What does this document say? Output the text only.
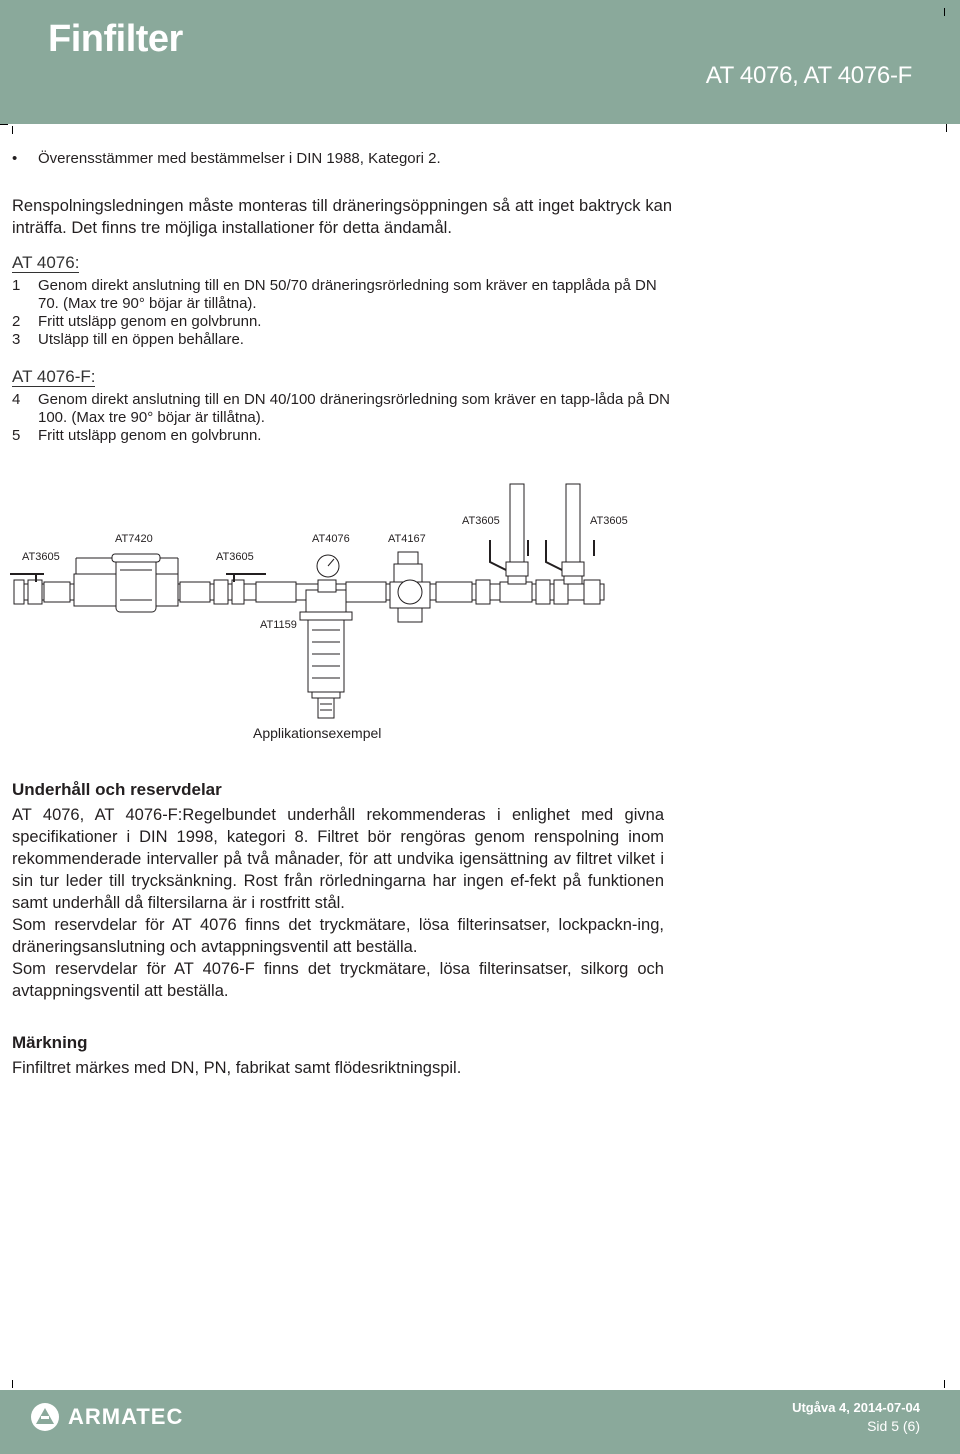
Finfilter
AT 4076, AT 4076-F
•	Överensstämmer med bestämmelser i DIN 1988, Kategori 2.

Renspolningsledningen måste monteras till dräneringsöppningen så att inget baktryck kan inträffa. Det finns tre möjliga installationer för detta ändamål.

AT 4076:
1	Genom direkt anslutning till en DN 50/70 dräneringsrörledning som kräver en tapplåda på DN 70. (Max tre 90° böjar är tillåtna).
2	Fritt utsläpp genom en golvbrunn.
3	Utsläpp till en öppen behållare.
AT 4076-F:
4	Genom direkt anslutning till en DN 40/100 dräneringsrörledning som kräver en tapp-låda på DN 100. (Max tre 90° böjar är tillåtna).
5	Fritt utsläpp genom en golvbrunn.
AT3605
AT7420
AT3605
AT4076	AT4167
AT3605	AT3605
AT1159
Applikationsexempel
Underhåll och reservdelar

AT 4076, AT 4076-F:Regelbundet underhåll rekommenderas i enlighet med givna specifikationer i DIN 1998, kategori 8. Filtret bör rengöras genom renspolning inom rekommenderade intervaller på två månader, för att undvika igensättning av filtret vilket i sin tur leder till trycksänkning. Rost från rörledningarna har ingen ef-fekt på funktionen samt underhåll då filtersilarna är i rostfritt stål.

Som reservdelar för AT 4076 finns det tryckmätare, lösa filterinsatser, lockpackn-ing, dräneringsanslutning och avtappningsventil att beställa.

Som reservdelar för AT 4076-F finns det tryckmätare, lösa filterinsatser, silkorg och avtappningsventil att beställa.

Märkning

Finfiltret märkes med DN, PN, fabrikat samt flödesriktningspil.

ARMATEC	Utgåva 4, 2014-07-04
Sid 5 (6)
